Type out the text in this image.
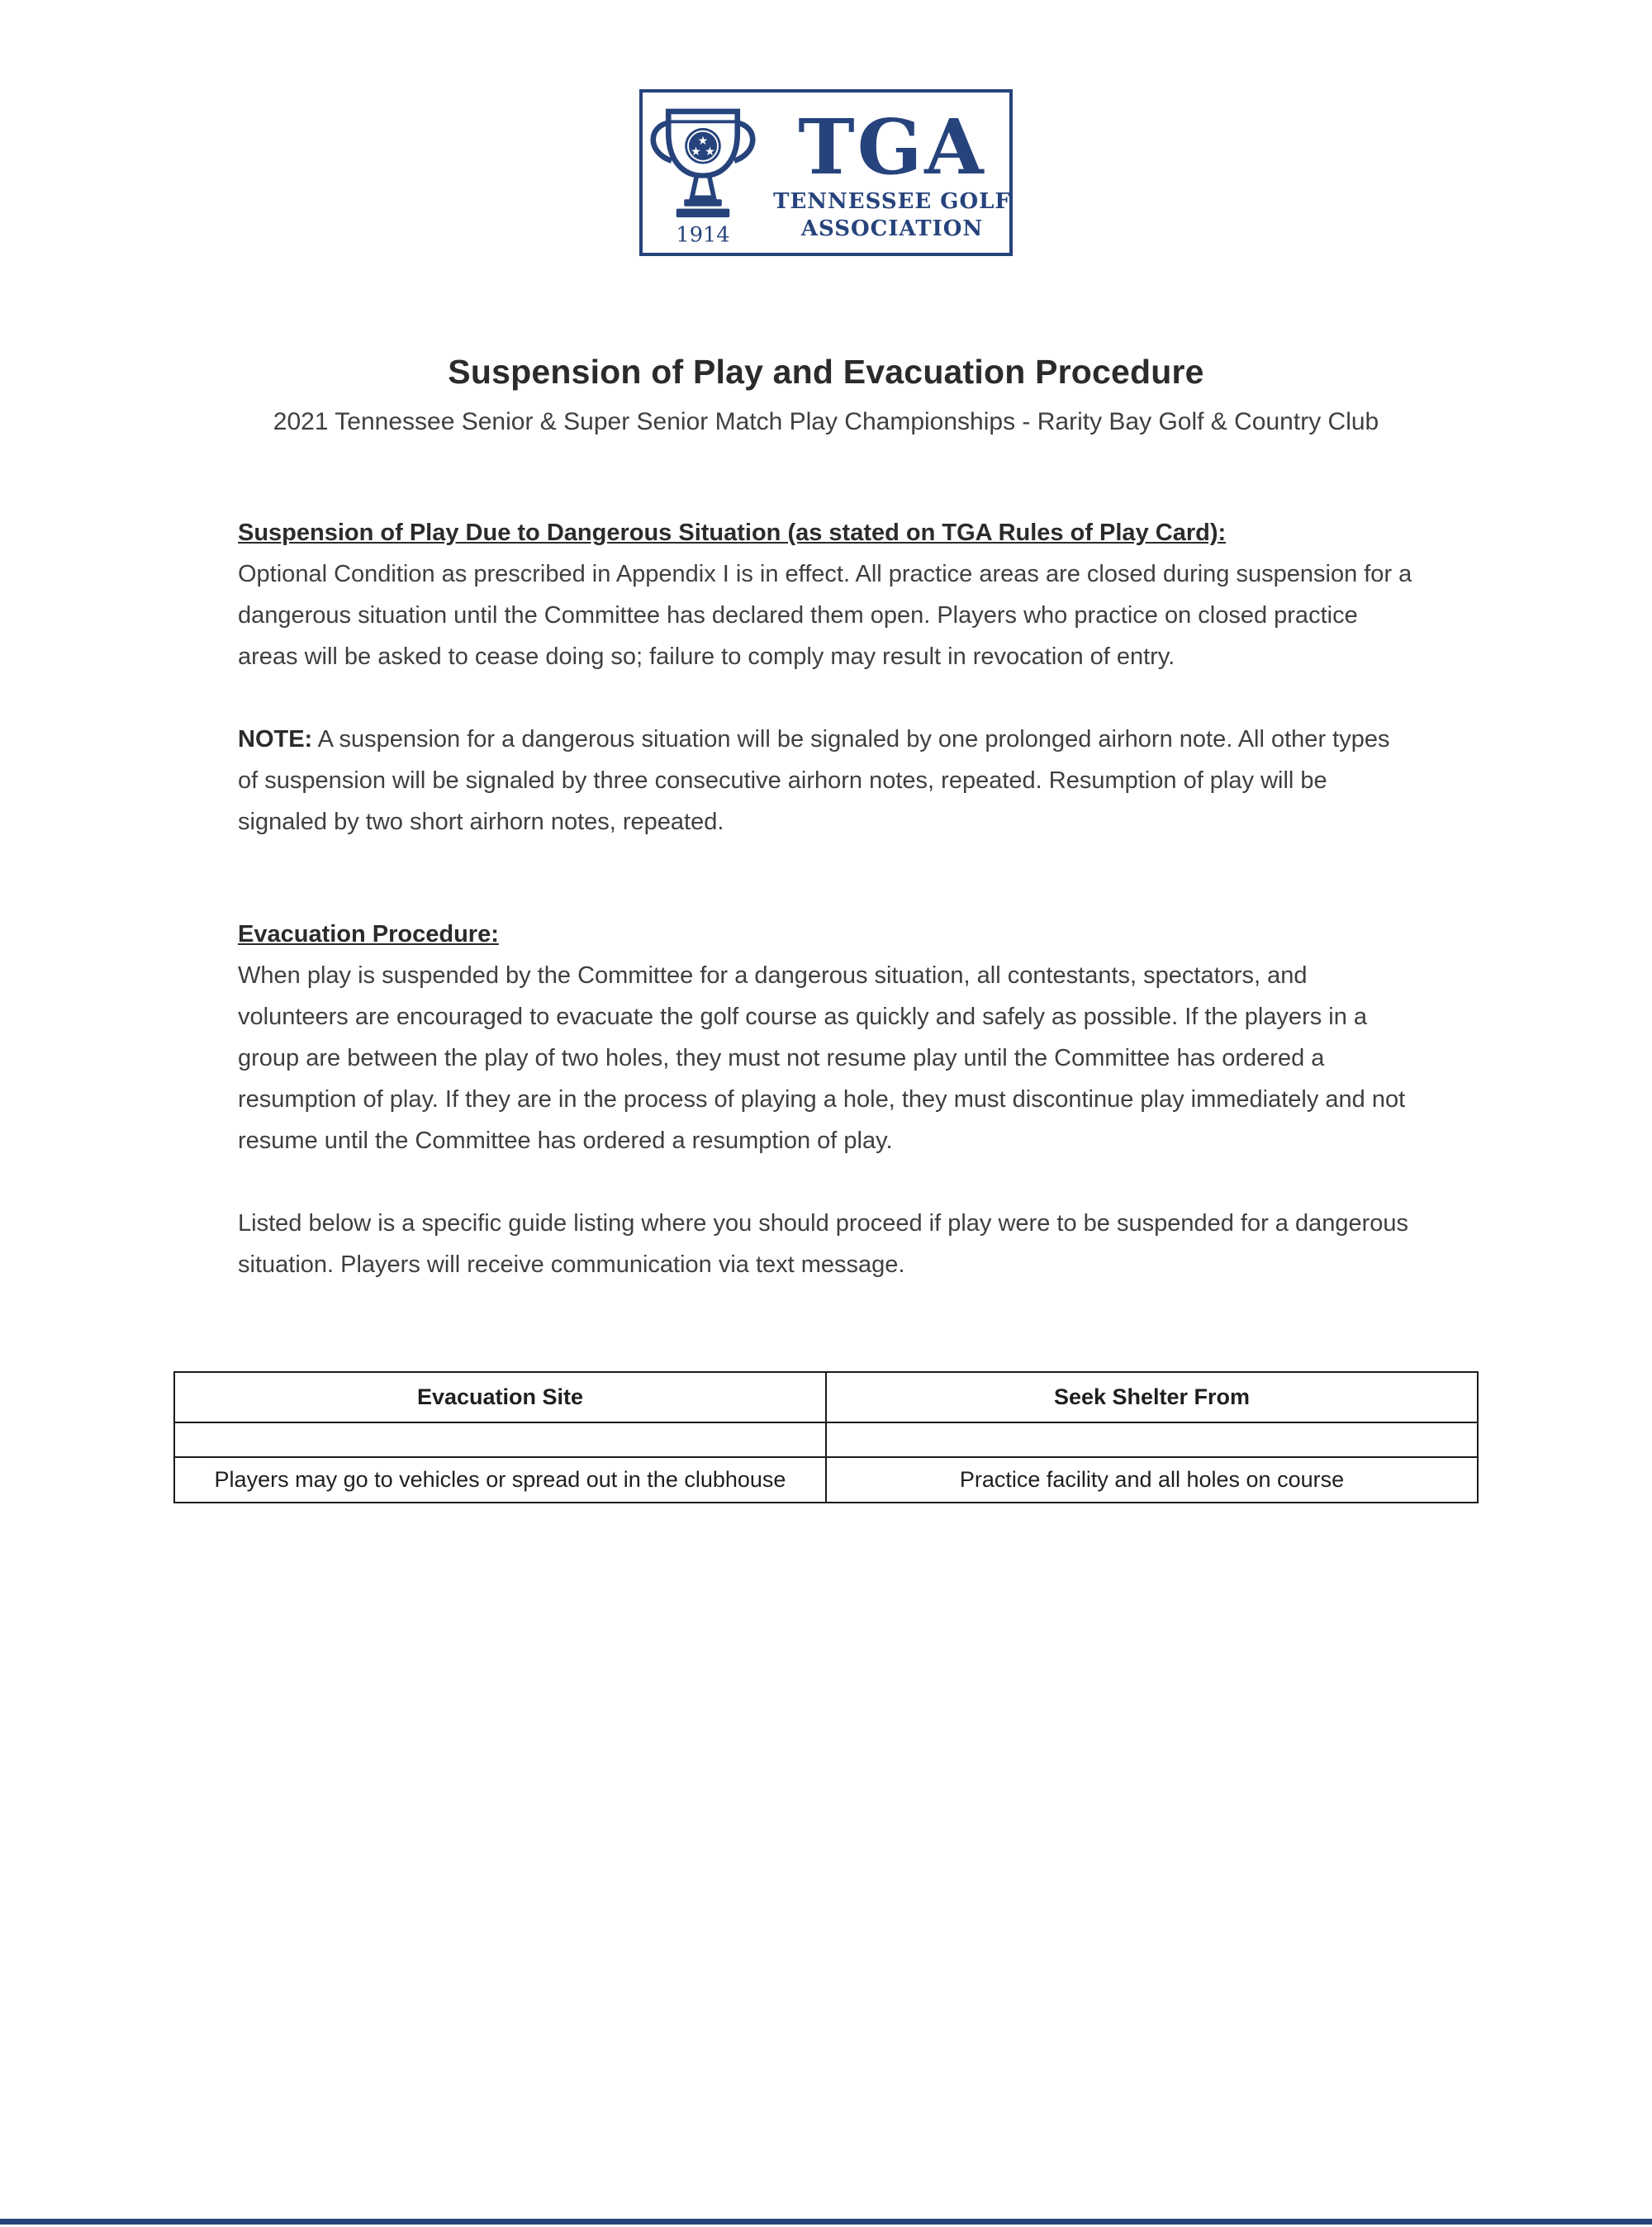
★
★ ★
1914
TGA
TENNESSEE GOLF
ASSOCIATION
Suspension of Play and Evacuation Procedure
2021 Tennessee Senior & Super Senior Match Play Championships - Rarity Bay Golf & Country Club
Suspension of Play Due to Dangerous Situation (as stated on TGA Rules of Play Card):

Optional Condition as prescribed in Appendix I is in effect. All practice areas are closed during suspension for a dangerous situation until the Committee has declared them open. Players who practice on closed practice areas will be asked to cease doing so; failure to comply may result in revocation of entry.

NOTE: A suspension for a dangerous situation will be signaled by one prolonged airhorn note. All other types of suspension will be signaled by three consecutive airhorn notes, repeated. Resumption of play will be signaled by two short airhorn notes, repeated.

Evacuation Procedure:

When play is suspended by the Committee for a dangerous situation, all contestants, spectators, and volunteers are encouraged to evacuate the golf course as quickly and safely as possible. If the players in a group are between the play of two holes, they must not resume play until the Committee has ordered a resumption of play. If they are in the process of playing a hole, they must discontinue play immediately and not resume until the Committee has ordered a resumption of play.

Listed below is a specific guide listing where you should proceed if play were to be suspended for a dangerous situation. Players will receive communication via text message.

Evacuation Site	Seek Shelter From

Players may go to vehicles or spread out in the clubhouse	Practice facility and all holes on course
